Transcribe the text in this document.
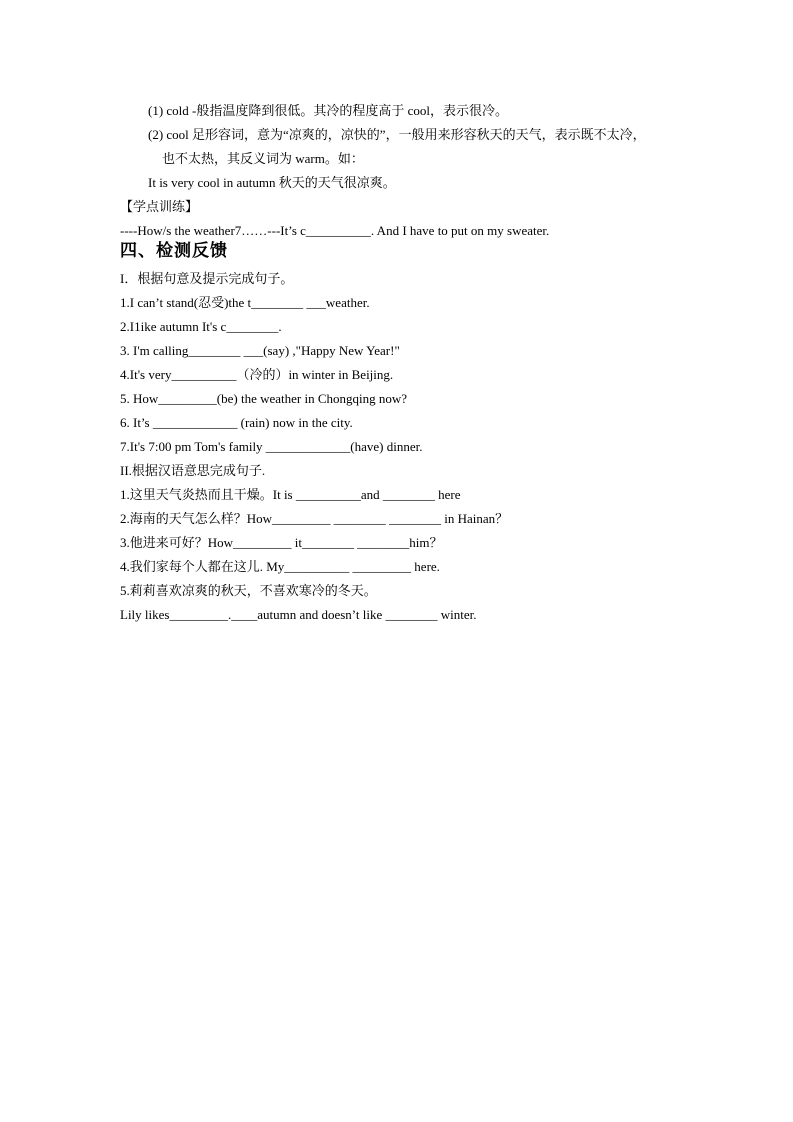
(1) cold -般指温度降到很低。其冷的程度高于 cool，表示很冷。
(2) cool 足形容词，意为“凉爽的，凉快的”，一般用来形容秋天的天气，表示既不太冷，
也不太热，其反义词为 warm。如：
It is very cool in autumn 秋天的天气很凉爽。
【学点训练】
----How/s the weather7……---It’s c__________. And I have to put on my sweater.
四、检测反馈
I．根据句意及提示完成句子。
1.I can’t stand(忍受)the t________ ___weather.
2.I1ike autumn It's c________.
3. I'm calling________ ___(say) ,"Happy New Year!"
4.It's very__________（冷的）in winter in Beijing.
5. How_________(be) the weather in Chongqing now?
6. It’s _____________ (rain) now in the city.
7.It's 7:00 pm Tom's family _____________(have) dinner.
II.根据汉语意思完成句子.
1.这里天气炎热而且干燥。It is __________and ________ here
2.海南的天气怎么样？How_________ ________ ________ in Hainan？
3.他进来可好？How_________ it________ ________him？
4.我们家每个人都在这儿. My__________ _________ here.
5.莉莉喜欢凉爽的秋天，不喜欢寒冷的冬天。
Lily likes_________.____autumn and doesn’t like ________ winter.
